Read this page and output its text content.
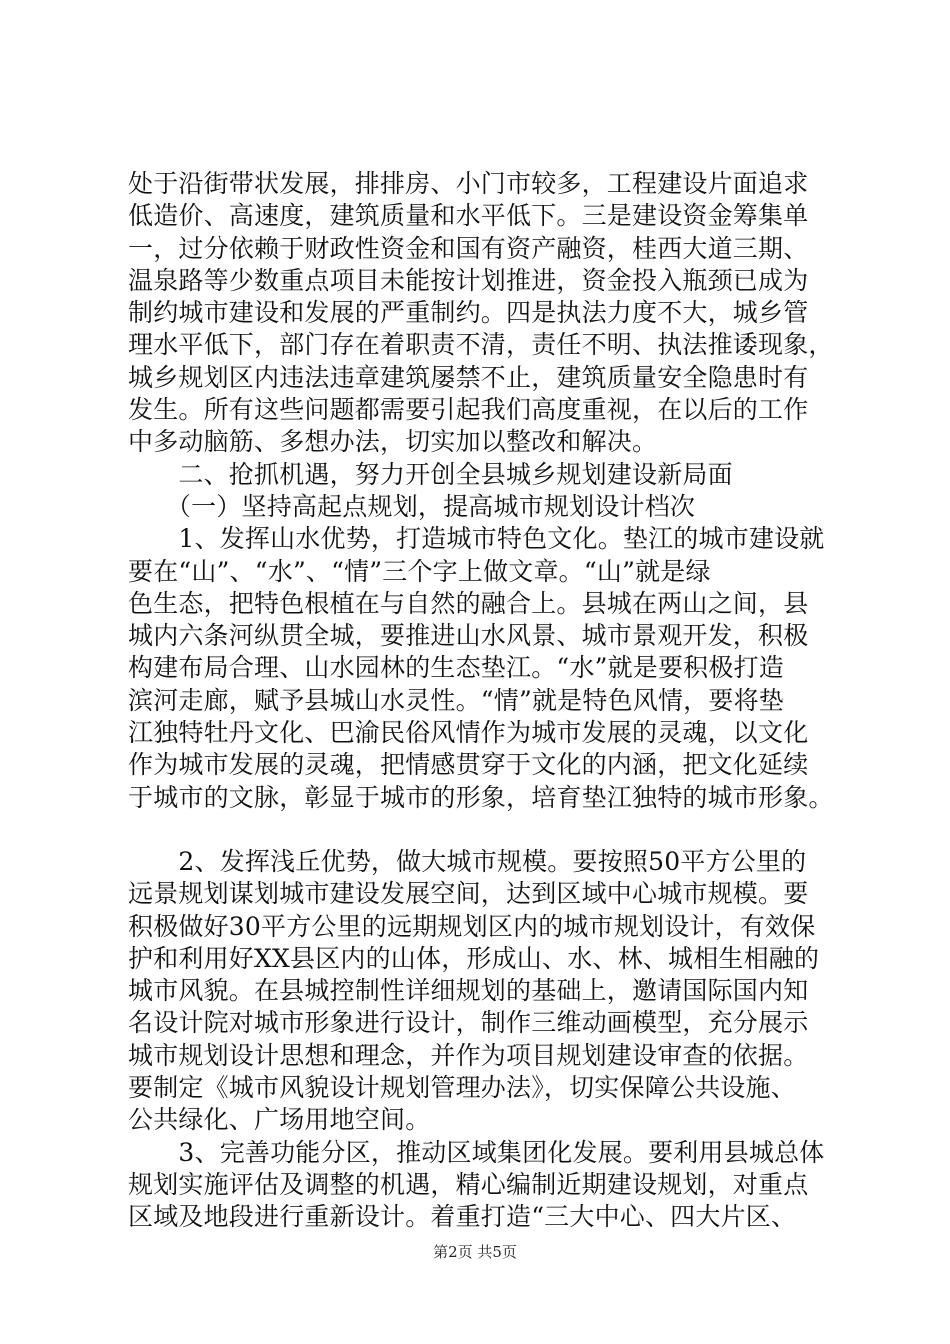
处于沿街带状发展，排排房、小门市较多，工程建设片面追求
低造价、高速度，建筑质量和水平低下。三是建设资金筹集单
一，过分依赖于财政性资金和国有资产融资，桂西大道三期、
温泉路等少数重点项目未能按计划推进，资金投入瓶颈已成为
制约城市建设和发展的严重制约。四是执法力度不大，城乡管
理水平低下，部门存在着职责不清，责任不明、执法推诿现象，
城乡规划区内违法违章建筑屡禁不止，建筑质量安全隐患时有
发生。所有这些问题都需要引起我们高度重视，在以后的工作
中多动脑筋、多想办法，切实加以整改和解决。
　　二、抢抓机遇，努力开创全县城乡规划建设新局面
　　（一）坚持高起点规划，提高城市规划设计档次
　　1、发挥山水优势，打造城市特色文化。垫江的城市建设就
要在“山”、“水”、“情”三个字上做文章。“山”就是绿
色生态，把特色根植在与自然的融合上。县城在两山之间，县
城内六条河纵贯全城，要推进山水风景、城市景观开发，积极
构建布局合理、山水园林的生态垫江。“水”就是要积极打造
滨河走廊，赋予县城山水灵性。“情”就是特色风情，要将垫
江独特牡丹文化、巴渝民俗风情作为城市发展的灵魂，以文化
作为城市发展的灵魂，把情感贯穿于文化的内涵，把文化延续
于城市的文脉，彰显于城市的形象，培育垫江独特的城市形象。
　　2、发挥浅丘优势，做大城市规模。要按照50平方公里的
远景规划谋划城市建设发展空间，达到区域中心城市规模。要
积极做好30平方公里的远期规划区内的城市规划设计，有效保
护和利用好XX县区内的山体，形成山、水、林、城相生相融的
城市风貌。在县城控制性详细规划的基础上，邀请国际国内知
名设计院对城市形象进行设计，制作三维动画模型，充分展示
城市规划设计思想和理念，并作为项目规划建设审查的依据。
要制定《城市风貌设计规划管理办法》，切实保障公共设施、
公共绿化、广场用地空间。
　　3、完善功能分区，推动区域集团化发展。要利用县城总体
规划实施评估及调整的机遇，精心编制近期建设规划，对重点
区域及地段进行重新设计。着重打造“三大中心、四大片区、
第2页 共5页
